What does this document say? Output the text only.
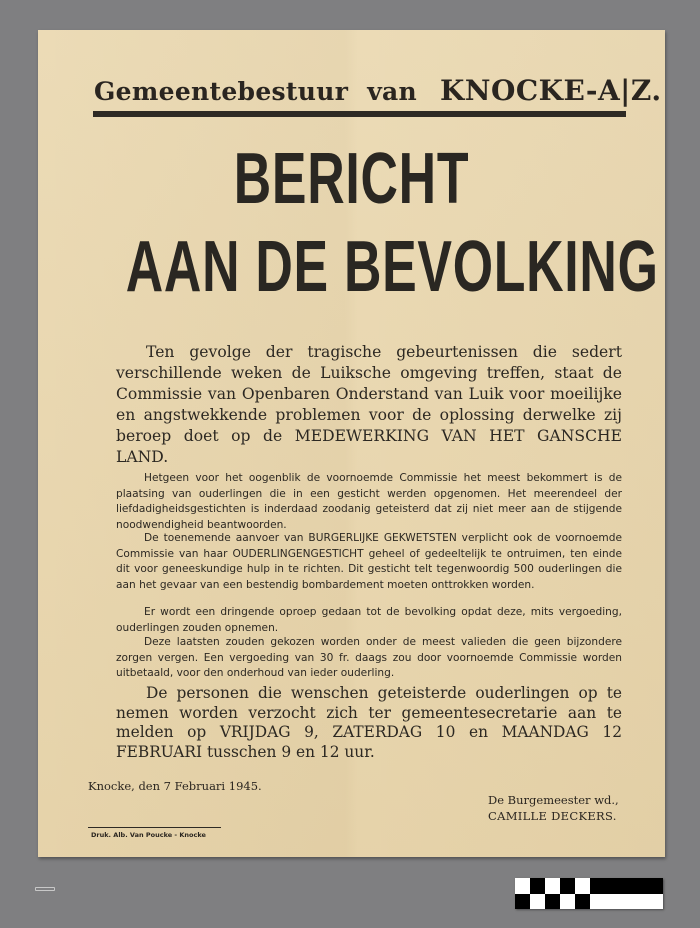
Gemeentebestuur van KNOCKE-A|Z.
BERICHT
AAN DE BEVOLKING
Ten gevolge der tragische gebeurtenissen die sedert verschillende weken de Luiksche omgeving treffen, staat de Commissie van Openbaren Onderstand van Luik voor moeilijke en angstwekkende problemen voor de oplossing derwelke zij beroep doet op de MEDEWERKING VAN HET GANSCHE LAND.
Hetgeen voor het oogenblik de voornoemde Commissie het meest bekommert is de plaatsing van ouderlingen die in een gesticht werden opgenomen. Het meerendeel der liefdadigheidsgestichten is inderdaad zoodanig geteisterd dat zij niet meer aan de stijgende noodwendigheid beantwoorden.
De toenemende aanvoer van BURGERLIJKE GEKWETSTEN verplicht ook de voornoemde Commissie van haar OUDERLINGENGESTICHT geheel of gedeeltelijk te ontruimen, ten einde dit voor geneeskundige hulp in te richten. Dit gesticht telt tegenwoordig 500 ouderlingen die aan het gevaar van een bestendig bombardement moeten onttrokken worden.
Er wordt een dringende oproep gedaan tot de bevolking opdat deze, mits vergoeding, ouderlingen zouden opnemen.
Deze laatsten zouden gekozen worden onder de meest valieden die geen bijzondere zorgen vergen. Een vergoeding van 30 fr. daags zou door voornoemde Commissie worden uitbetaald, voor den onderhoud van ieder ouderling.
De personen die wenschen geteisterde ouderlingen op te nemen worden verzocht zich ter gemeentesecretarie aan te melden op VRIJDAG 9, ZATERDAG 10 en MAANDAG 12 FEBRUARI tusschen 9 en 12 uur.
Knocke, den 7 Februari 1945.
De Burgemeester wd.,
CAMILLE DECKERS.
Druk. Alb. Van Poucke - Knocke
